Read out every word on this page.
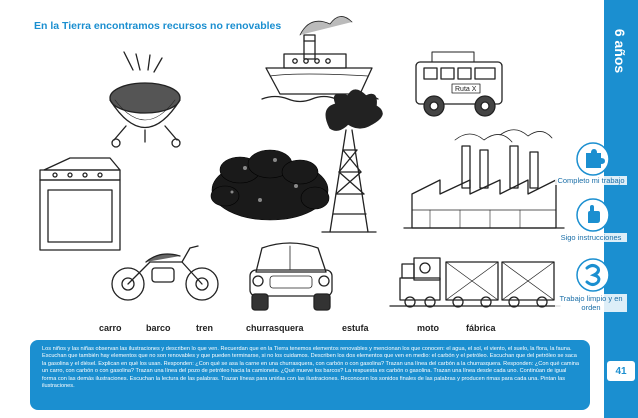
En la Tierra encontramos recursos no renovables
6 años
Ruta X
Completo mi trabajo
Sigo instrucciones
Trabajo limpio y en orden
carro	barco	tren	churrasquera	estufa	moto	fábrica
Los niños y las niñas observan las ilustraciones y describen lo que ven. Recuerdan que en la Tierra tenemos elementos renovables y mencionan los que conocen: el agua, el sol, el viento, el suelo, la flora, la fauna. Escuchan que también hay elementos que no son renovables y que pueden terminarse, si no los cuidamos. Describen los dos elementos que ven en medio: el carbón y el petróleo. Escuchan que del petróleo se saca la gasolina y el diésel. Explican en qué los usan. Responden: ¿Con qué se asa la carne en una churrasquera, con carbón o con gasolina? Trazan una línea del carbón a la churrasquera. Responden: ¿Con qué camina un carro, con carbón o con gasolina? Trazan una línea del pozo de petróleo hacia la camioneta. ¿Qué mueve los barcos? La respuesta es carbón o gasolina. Trazan una línea desde cada uno. Continúan de igual forma con las demás ilustraciones. Escuchan la lectura de las palabras. Trazan líneas para unirlas con las ilustraciones. Reconocen los sonidos finales de las palabras y producen rimas para cada una. Pintan las ilustraciones.
41
